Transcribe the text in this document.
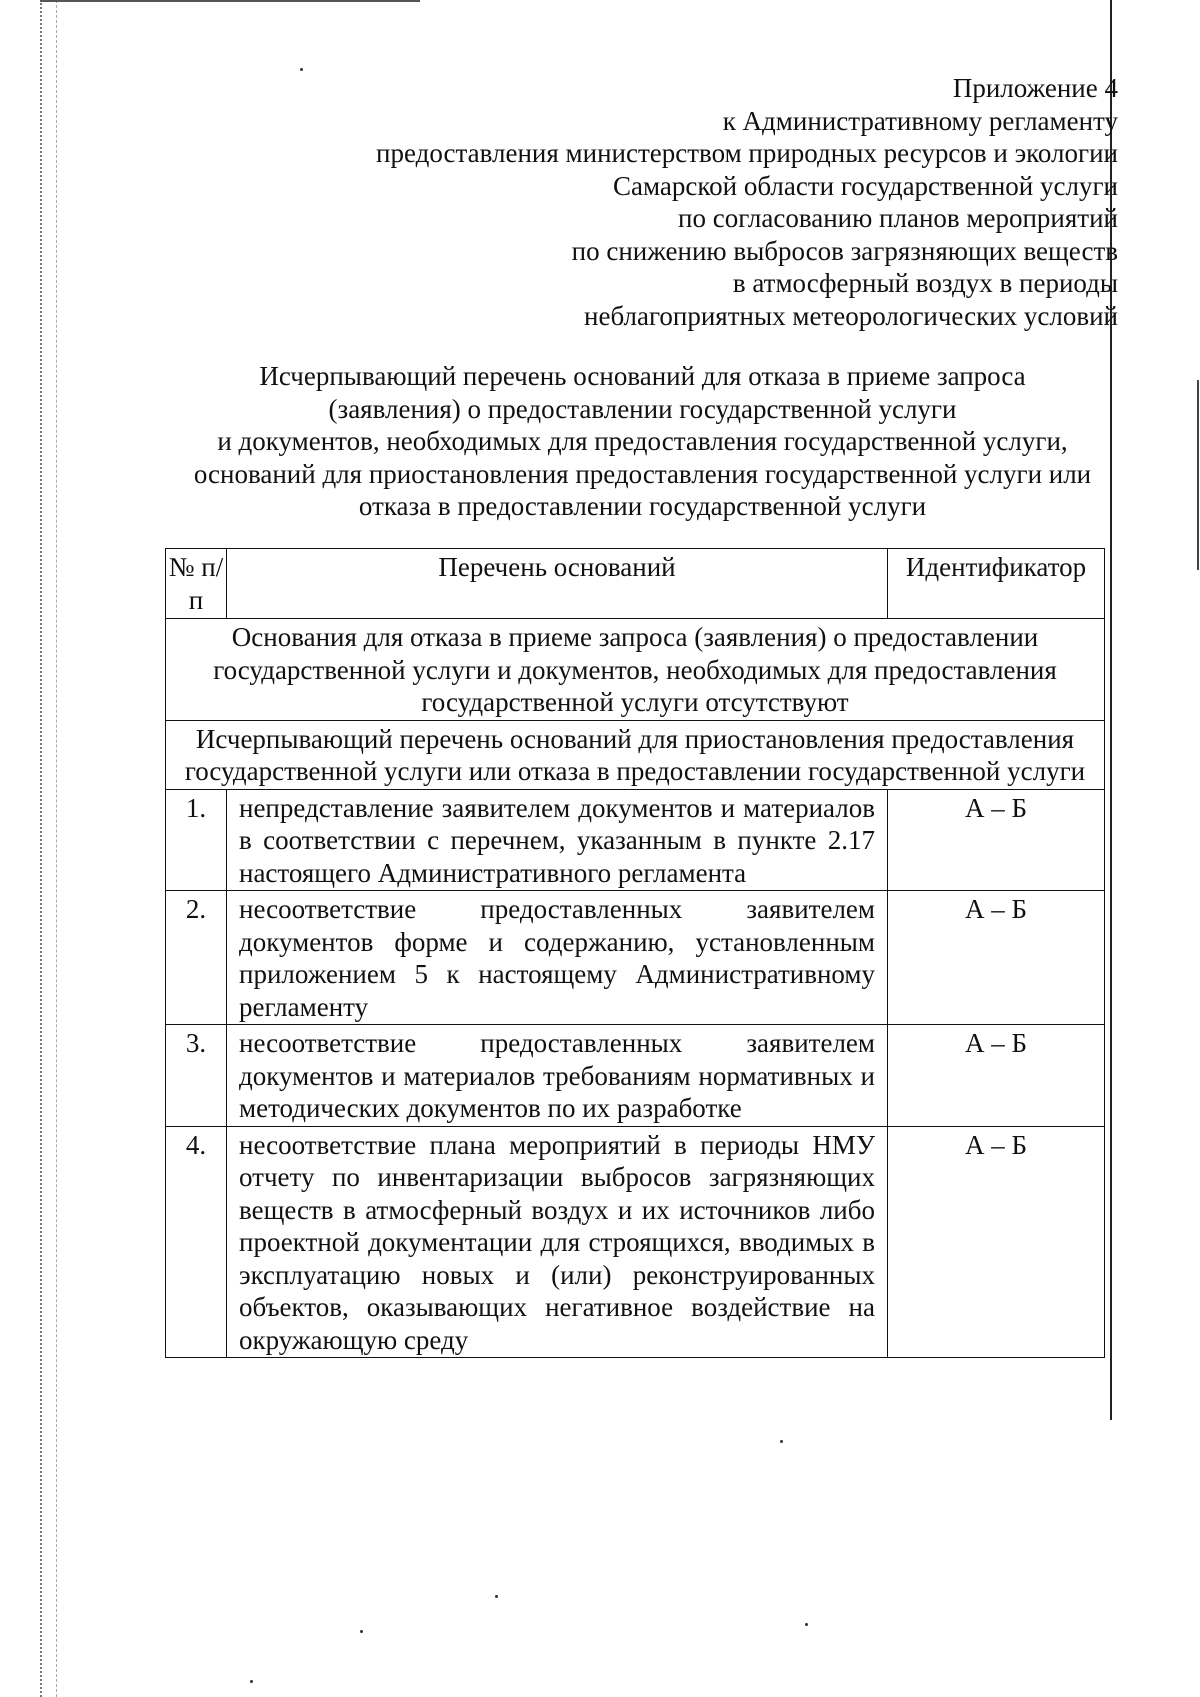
Приложение 4
к Административному регламенту
предоставления министерством природных ресурсов и экологии
Самарской области государственной услуги
по согласованию планов мероприятий
по снижению выбросов загрязняющих веществ
в атмосферный воздух в периоды
неблагоприятных метеорологических условий
Исчерпывающий перечень оснований для отказа в приеме запроса
(заявления) о предоставлении государственной услуги
и документов, необходимых для предоставления государственной услуги,
оснований для приостановления предоставления государственной услуги или
отказа в предоставлении государственной услуги
№ п/п	Перечень оснований	Идентификатор
Основания для отказа в приеме запроса (заявления) о предоставлении государственной услуги и документов, необходимых для предоставления государственной услуги отсутствуют		
Исчерпывающий перечень оснований для приостановления предоставления государственной услуги или отказа в предоставлении государственной услуги		
1.	непредставление заявителем документов и материалов в соответствии с перечнем, указанным в пункте 2.17 настоящего Административного регламента	А – Б
2.	несоответствие предоставленных заявителем документов форме и содержанию, установленным приложением 5 к настоящему Административному регламенту	А – Б
3.	несоответствие предоставленных заявителем документов и материалов требованиям нормативных и методических документов по их разработке	А – Б
4.	несоответствие плана мероприятий в периоды НМУ отчету по инвентаризации выбросов загрязняющих веществ в атмосферный воздух и их источников либо проектной документации для строящихся, вводимых в эксплуатацию новых и (или) реконструированных объектов, оказывающих негативное воздействие на окружающую среду	А – Б
